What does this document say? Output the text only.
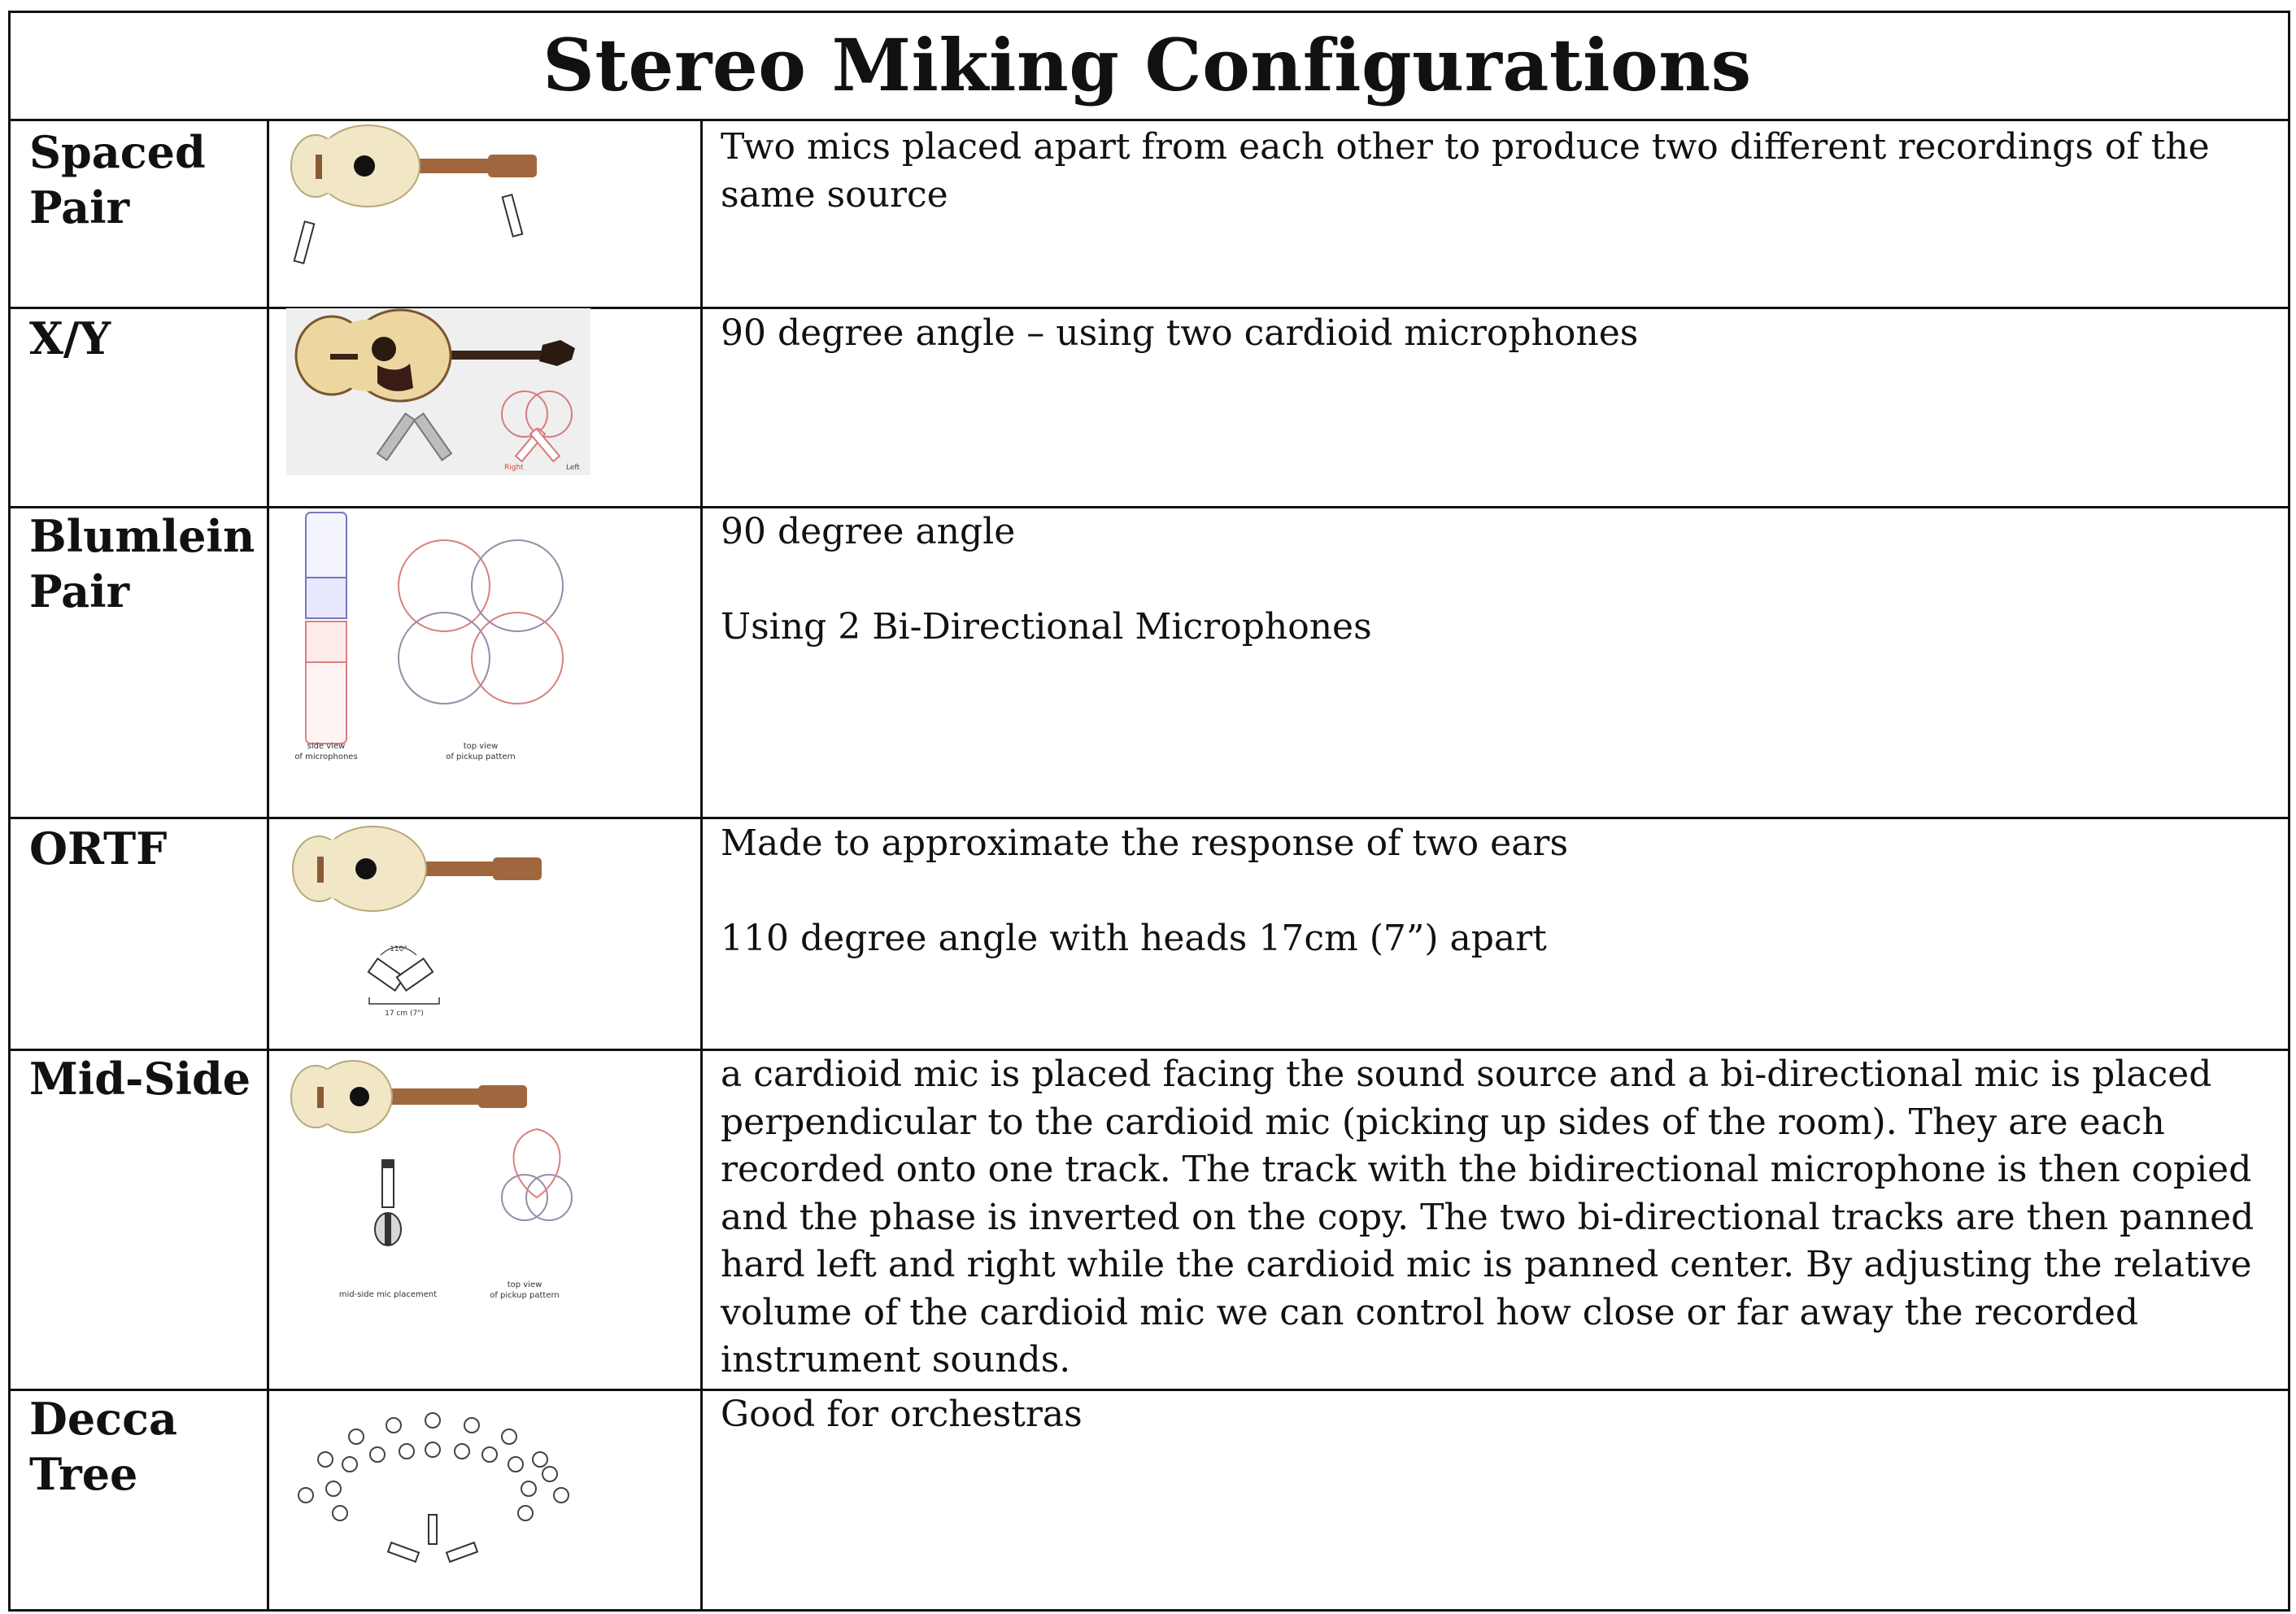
Stereo Miking Configurations
Spaced
Pair

Two mics placed apart from each other to produce two different recordings of the same source

X/Y
Right	Left

90 degree angle – using two cardioid microphones

Blumlein
Pair
side view
of microphones
top view
of pickup pattern

90 degree angle

Using 2 Bi-Directional Microphones

ORTF
110°
17 cm (7")

Made to approximate the response of two ears

110 degree angle with heads 17cm (7”) apart

Mid-Side
mid-side mic placement
top view
of pickup pattern

a cardioid mic is placed facing the sound source and a bi-directional mic is placed perpendicular to the cardioid mic (picking up sides of the room). They are each recorded onto one track. The track with the bidirectional microphone is then copied and the phase is inverted on the copy. The two bi-directional tracks are then panned hard left and right while the cardioid mic is panned center. By adjusting the relative volume of the cardioid mic we can control how close or far away the recorded instrument sounds.

Decca
Tree

Good for orchestras
